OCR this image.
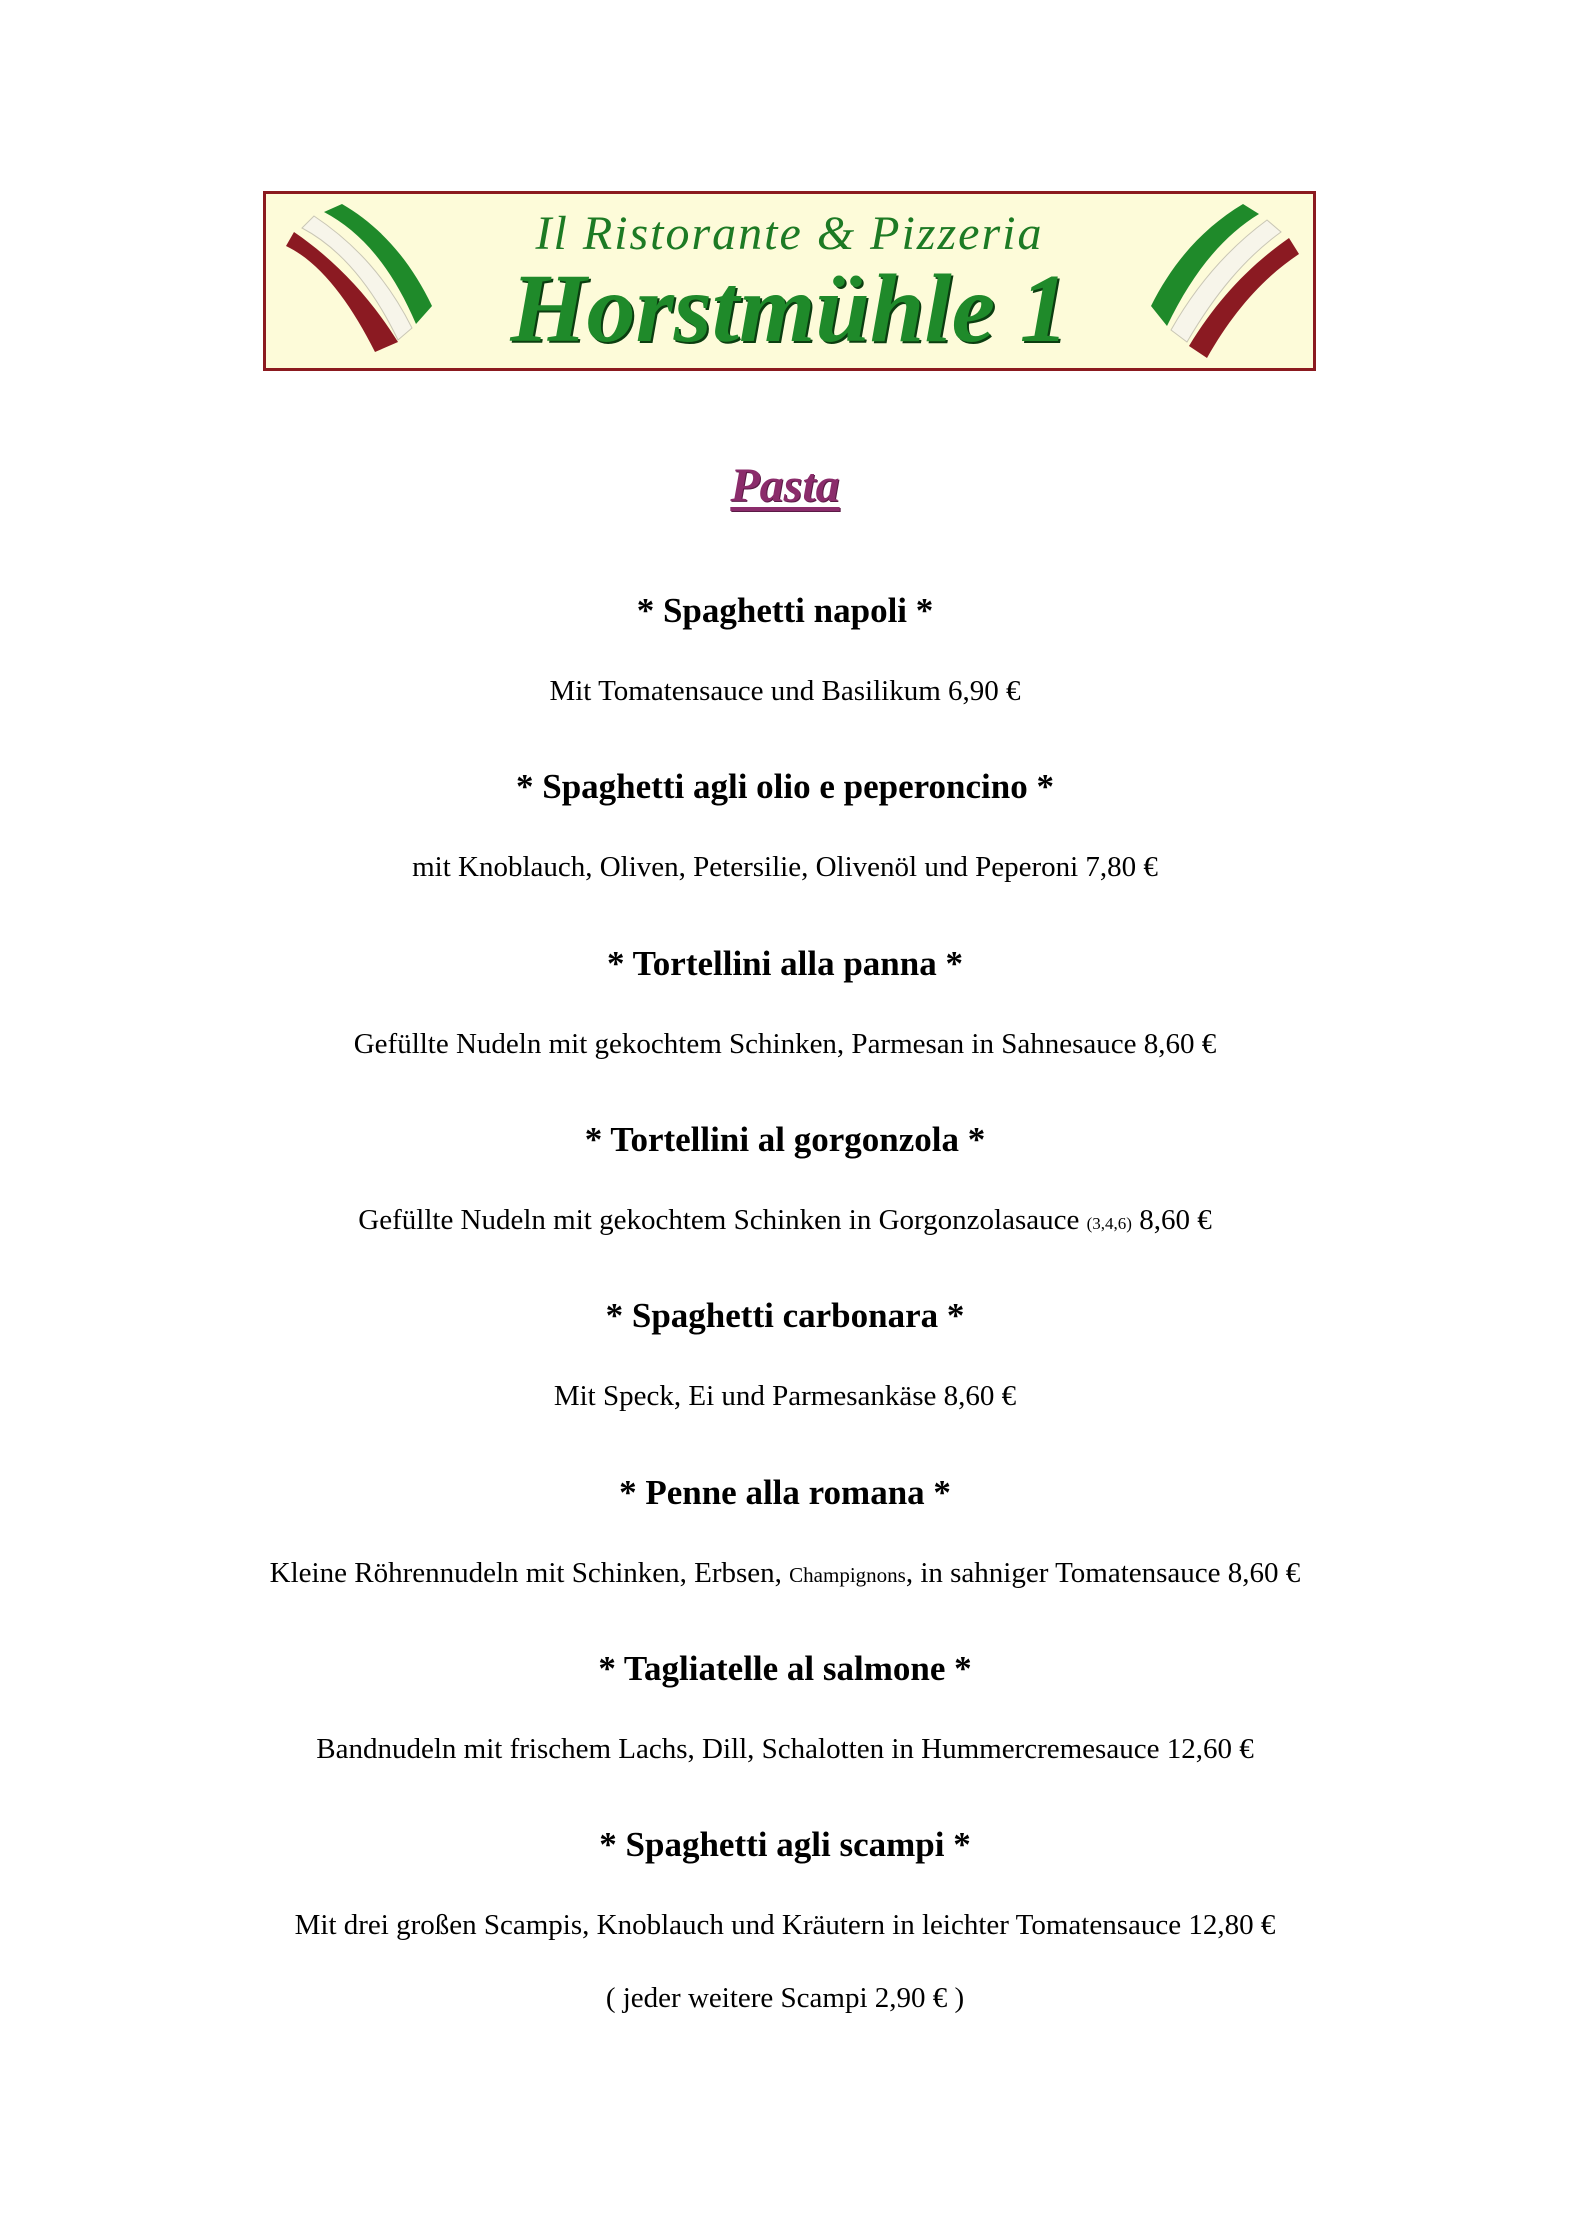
Il Ristorante & Pizzeria
Horstmühle 1
Pasta
* Spaghetti napoli *
Mit Tomatensauce und Basilikum 6,90 €
* Spaghetti agli olio e peperoncino *
mit Knoblauch, Oliven, Petersilie, Olivenöl und Peperoni 7,80 €
* Tortellini alla panna *
Gefüllte Nudeln mit gekochtem Schinken, Parmesan in Sahnesauce 8,60 €
* Tortellini al gorgonzola *
Gefüllte Nudeln mit gekochtem Schinken in Gorgonzolasauce (3,4,6) 8,60 €
* Spaghetti carbonara *
Mit Speck, Ei und Parmesankäse 8,60 €
* Penne alla romana *
Kleine Röhrennudeln mit Schinken, Erbsen, Champignons, in sahniger Tomatensauce 8,60 €
* Tagliatelle al salmone *
Bandnudeln mit frischem Lachs, Dill, Schalotten in Hummercremesauce 12,60 €
* Spaghetti agli scampi *
Mit drei großen Scampis, Knoblauch und Kräutern in leichter Tomatensauce 12,80 €
( jeder weitere Scampi 2,90 € )
